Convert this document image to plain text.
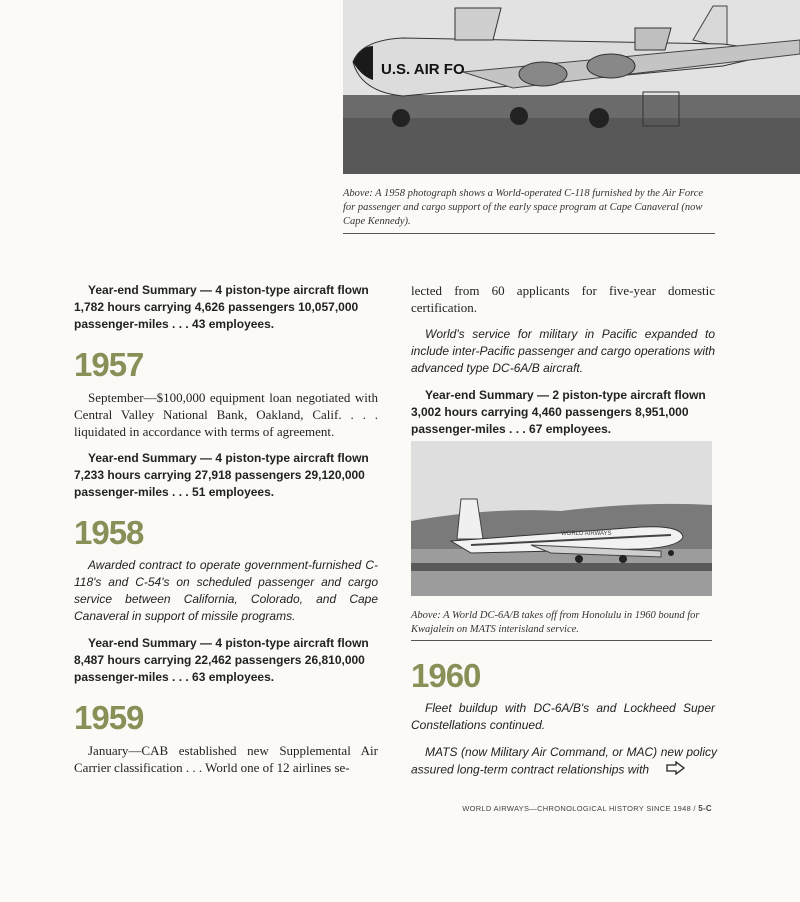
U.S. AIR FO
Above: A 1958 photograph shows a World-operated C-118 furnished by the Air Force for passenger and cargo support of the early space program at Cape Canaveral (now Cape Kennedy).

Year-end Summary — 4 piston-type aircraft flown 1,782 hours carrying 4,626 passengers 10,057,000 passenger-miles . . . 43 employees.

1957

September—$100,000 equipment loan negotiated with Central Valley National Bank, Oakland, Calif. . . . liquidated in accordance with terms of agreement.

Year-end Summary — 4 piston-type aircraft flown 7,233 hours carrying 27,918 passengers 29,120,000 passenger-miles . . . 51 employees.

1958

Awarded contract to operate government-furnished C-118's and C-54's on scheduled passenger and cargo service between California, Colorado, and Cape Canaveral in support of missile programs.

Year-end Summary — 4 piston-type aircraft flown 8,487 hours carrying 22,462 passengers 26,810,000 passenger-miles . . . 63 employees.

1959

January—CAB established new Supplemental Air Carrier classification . . . World one of 12 airlines se-

lected from 60 applicants for five-year domestic certification.

World's service for military in Pacific expanded to include inter-Pacific passenger and cargo operations with advanced type DC-6A/B aircraft.

Year-end Summary — 2 piston-type aircraft flown 3,002 hours carrying 4,460 passengers 8,951,000 passenger-miles . . . 67 employees.

WORLD AIRWAYS
Above: A World DC-6A/B takes off from Honolulu in 1960 bound for Kwajalein on MATS interisland service.
1960

Fleet buildup with DC-6A/B's and Lockheed Super Constellations continued.

MATS (now Military Air Command, or MAC) new policy assured long-term contract relationships with

WORLD AIRWAYS—CHRONOLOGICAL HISTORY SINCE 1948 / 5-C
